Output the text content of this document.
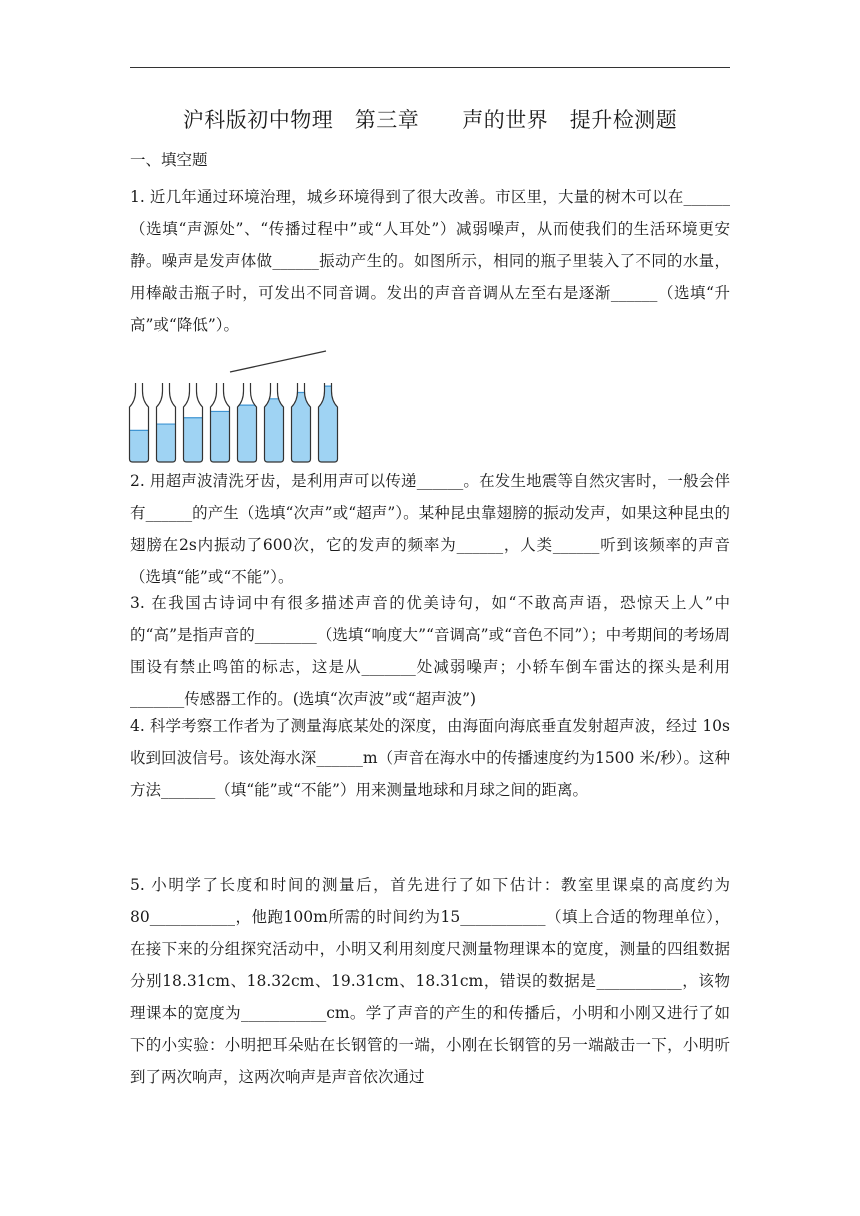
沪科版初中物理　第三章　　声的世界　提升检测题
一、填空题

1. 近几年通过环境治理，城乡环境得到了很大改善。市区里，大量的树木可以在______（选填“声源处”、“传播过程中”或“人耳处”）减弱噪声，从而使我们的生活环境更安静。噪声是发声体做______振动产生的。如图所示，相同的瓶子里装入了不同的水量，用棒敲击瓶子时，可发出不同音调。发出的声音音调从左至右是逐渐______（选填“升高”或“降低”）。

2. 用超声波清洗牙齿，是利用声可以传递______。在发生地震等自然灾害时，一般会伴有______的产生（选填“次声”或“超声”）。某种昆虫靠翅膀的振动发声，如果这种昆虫的翅膀在2s内振动了600次，它的发声的频率为______，人类______听到该频率的声音（选填“能”或“不能”）。

3. 在我国古诗词中有很多描述声音的优美诗句，如“不敢高声语，恐惊天上人”中的“高”是指声音的________（选填“响度大”“音调高”或“音色不同”）；中考期间的考场周围设有禁止鸣笛的标志，这是从_______处减弱噪声；小轿车倒车雷达的探头是利用_______传感器工作的。(选填“次声波”或“超声波”)

4. 科学考察工作者为了测量海底某处的深度，由海面向海底垂直发射超声波，经过 10s 收到回波信号。该处海水深______m（声音在海水中的传播速度约为1500 米/秒）。这种方法_______（填“能”或“不能”）用来测量地球和月球之间的距离。

5. 小明学了长度和时间的测量后，首先进行了如下估计：教室里课桌的高度约为80___________，他跑100m所需的时间约为15___________（填上合适的物理单位），在接下来的分组探究活动中，小明又利用刻度尺测量物理课本的宽度，测量的四组数据分别18.31cm、18.32cm、19.31cm、18.31cm，错误的数据是___________，该物理课本的宽度为___________cm。学了声音的产生的和传播后，小明和小刚又进行了如下的小实验：小明把耳朵贴在长钢管的一端，小刚在长钢管的另一端敲击一下，小明听到了两次响声，这两次响声是声音依次通过
